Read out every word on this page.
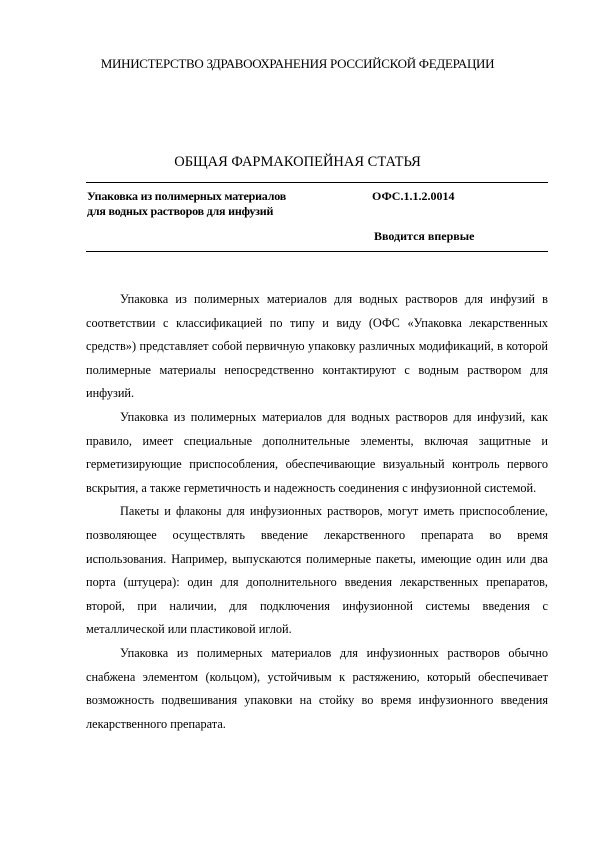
МИНИСТЕРСТВО ЗДРАВООХРАНЕНИЯ РОССИЙСКОЙ ФЕДЕРАЦИИ
ОБЩАЯ ФАРМАКОПЕЙНАЯ СТАТЬЯ
Упаковка из полимерных материалов
для водных растворов для инфузий
ОФС.1.1.2.0014
Вводится впервые

Упаковка из полимерных материалов для водных растворов для инфузий в соответствии с классификацией по типу и виду (ОФС «Упаковка лекарственных средств») представляет собой первичную упаковку различных модификаций, в которой полимерные материалы непосредственно контактируют с водным раствором для инфузий.

Упаковка из полимерных материалов для водных растворов для инфузий, как правило, имеет специальные дополнительные элементы, включая защитные и герметизирующие приспособления, обеспечивающие визуальный контроль первого вскрытия, а также герметичность и надежность соединения с инфузионной системой.

Пакеты и флаконы для инфузионных растворов, могут иметь приспособление, позволяющее осуществлять введение лекарственного препарата во время использования. Например, выпускаются полимерные пакеты, имеющие один или два порта (штуцера): один для дополнительного введения лекарственных препаратов, второй, при наличии, для подключения инфузионной системы введения с металлической или пластиковой иглой.

Упаковка из полимерных материалов для инфузионных растворов обычно снабжена элементом (кольцом), устойчивым к растяжению, который обеспечивает возможность подвешивания упаковки на стойку во время инфузионного введения лекарственного препарата.
